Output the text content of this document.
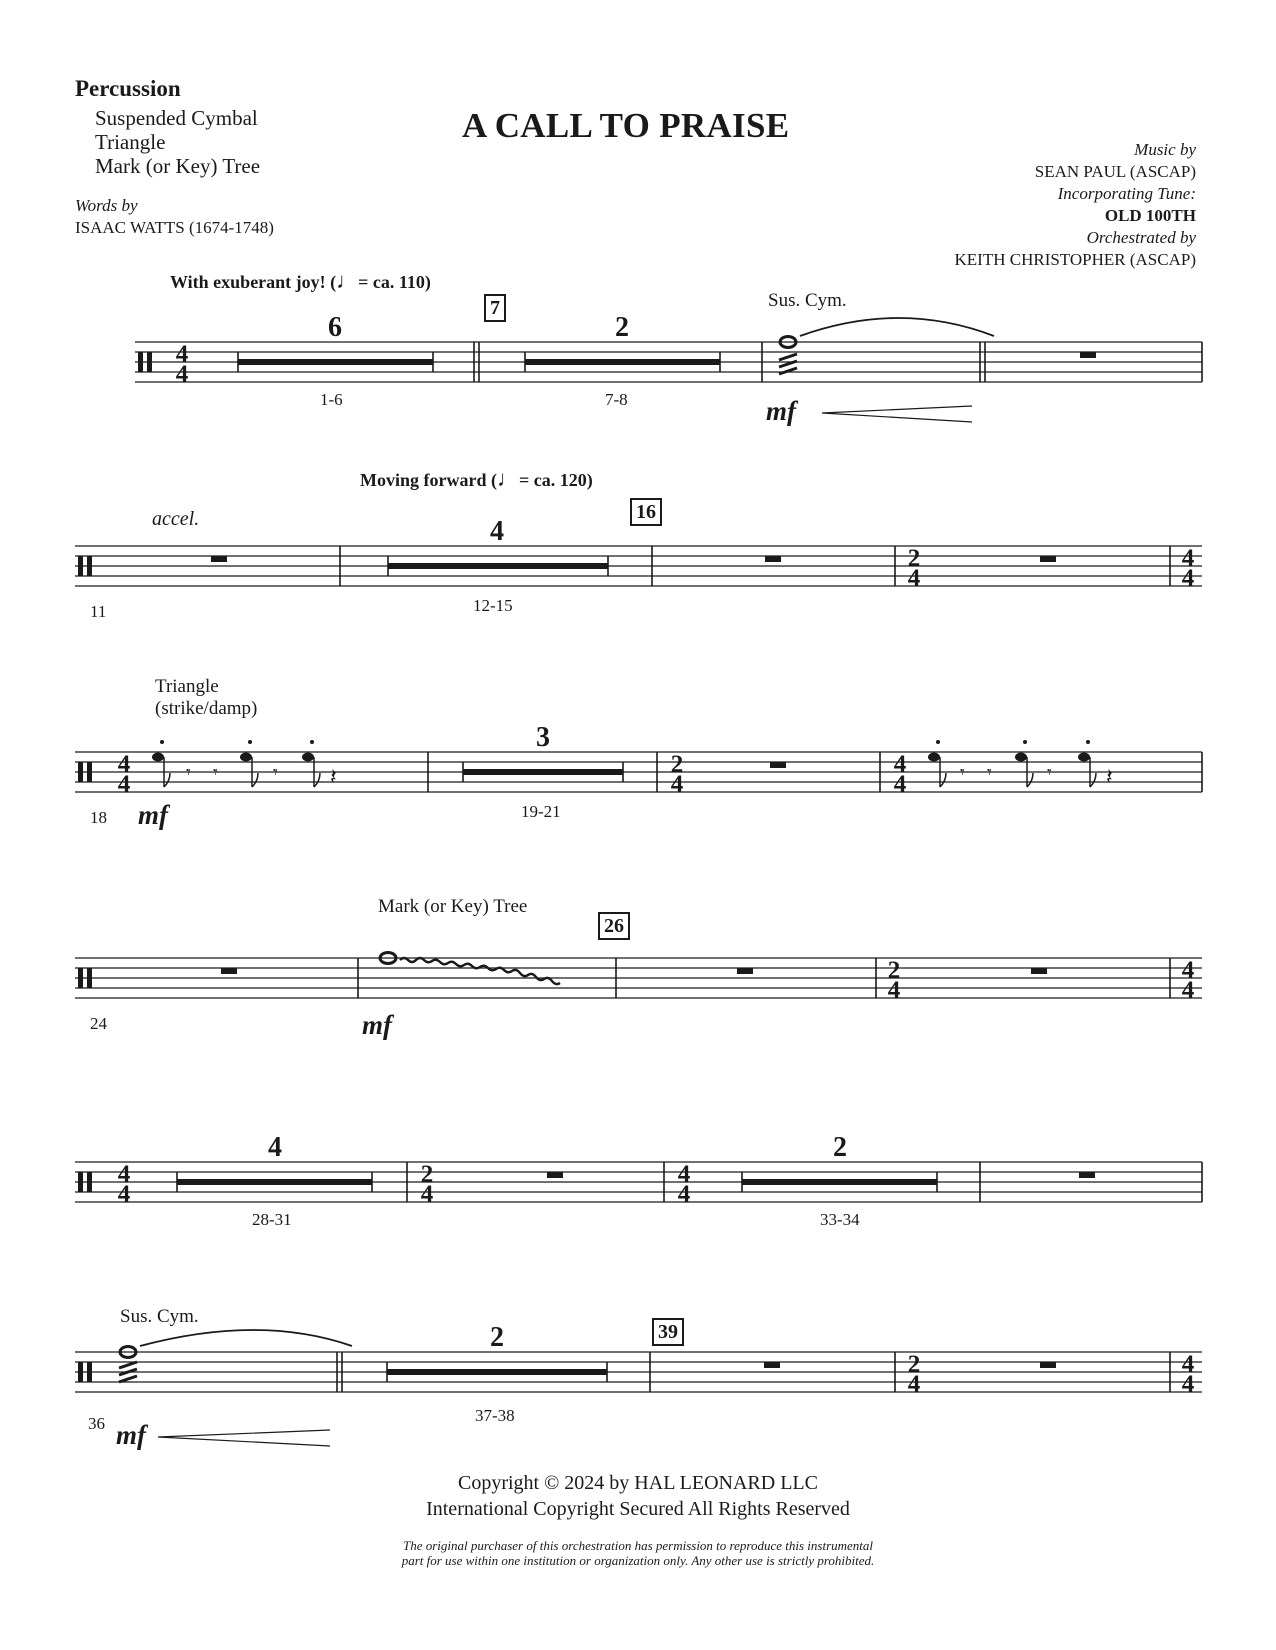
Percussion
Suspended Cymbal
Triangle
Mark (or Key) Tree
A CALL TO PRAISE
Words by
ISAAC WATTS (1674-1748)
Music by
SEAN PAUL (ASCAP)
Incorporating Tune:
OLD 100TH
Orchestrated by
KEITH CHRISTOPHER (ASCAP)
With exuberant joy! (♩= ca. 110)
7	Sus. Cym.
1-6	7-8
4
4
6	2
mf
accel.
Moving forward (♩= ca. 120)
16
11	12-15
4
2
4
4
4
Triangle
(strike/damp)
18	19-21
4
4	𝄾 𝄾	𝄾 𝄽
3
2
4
4
4	𝄾 𝄾	𝄾 𝄽
mf
Mark (or Key) Tree
26
24
2
4
4
4
mf
28-31	33-34
4
4
4
2
4
4
4
2
Sus. Cym.
39
36	37-38
2
2
4
4
4
mf
Copyright © 2024 by HAL LEONARD LLC
International Copyright Secured All Rights Reserved
The original purchaser of this orchestration has permission to reproduce this instrumental
part for use within one institution or organization only. Any other use is strictly prohibited.
